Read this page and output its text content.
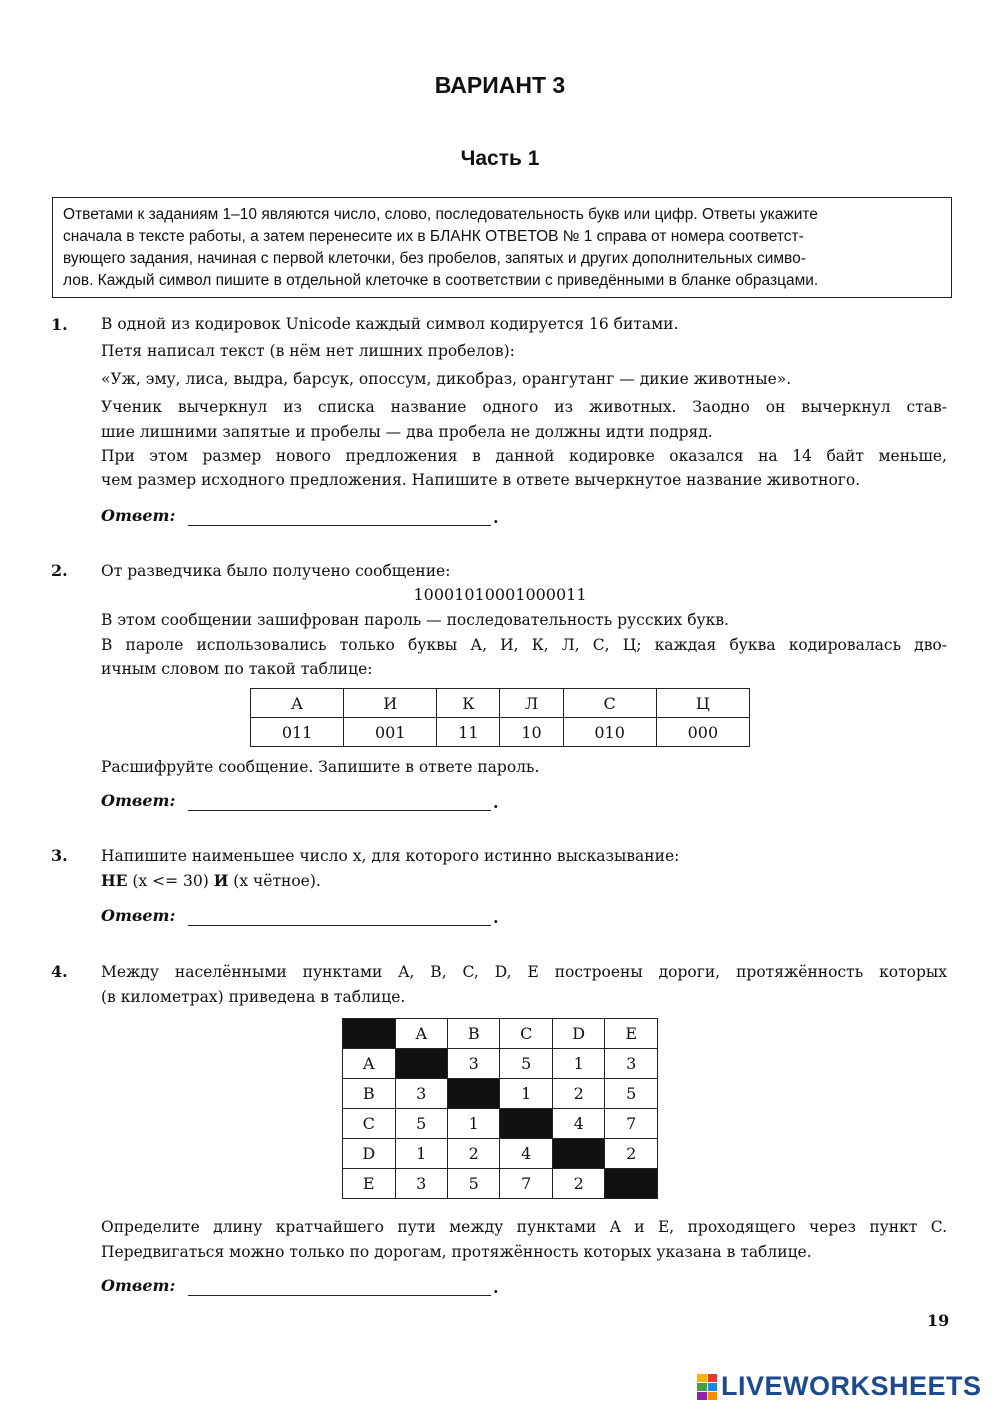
ВАРИАНТ 3
Часть 1
Ответами к заданиям 1–10 являются число, слово, последовательность букв или цифр. Ответы укажите
сначала в тексте работы, а затем перенесите их в БЛАНК ОТВЕТОВ № 1 справа от номера соответст-
вующего задания, начиная с первой клеточки, без пробелов, запятых и других дополнительных симво-
лов. Каждый символ пишите в отдельной клеточке в соответствии с приведёнными в бланке образцами.
1. В одной из кодировок Unicode каждый символ кодируется 16 битами.
Петя написал текст (в нём нет лишних пробелов):
«Уж, эму, лиса, выдра, барсук, опоссум, дикобраз, орангутанг — дикие животные».
Ученик вычеркнул из списка название одного из животных. Заодно он вычеркнул став-
шие лишними запятые и пробелы — два пробела не должны идти подряд.
При этом размер нового предложения в данной кодировке оказался на 14 байт меньше,
чем размер исходного предложения. Напишите в ответе вычеркнутое название животного.
Ответ:	.
2. От разведчика было получено сообщение:
10001010001000011
В этом сообщении зашифрован пароль — последовательность русских букв.
В пароле использовались только буквы А, И, К, Л, С, Ц; каждая буква кодировалась дво-
ичным словом по такой таблице:
А	И	К	Л	С	Ц
011	001	11	10	010	000
Расшифруйте сообщение. Запишите в ответе пароль.
Ответ:	.
3. Напишите наименьшее число x, для которого истинно высказывание:
НЕ (x <= 30) И (x чётное).
Ответ:	.
4. Между населёнными пунктами A, B, C, D, E построены дороги, протяжённость которых
(в километрах) приведена в таблице.
	A	B	C	D	E
A		3	5	1	3
B	3		1	2	5
C	5	1		4	7
D	1	2	4		2
E	3	5	7	2	
Определите длину кратчайшего пути между пунктами A и E, проходящего через пункт C.
Передвигаться можно только по дорогам, протяжённость которых указана в таблице.
Ответ:	.
19
LIVEWORKSHEETS
